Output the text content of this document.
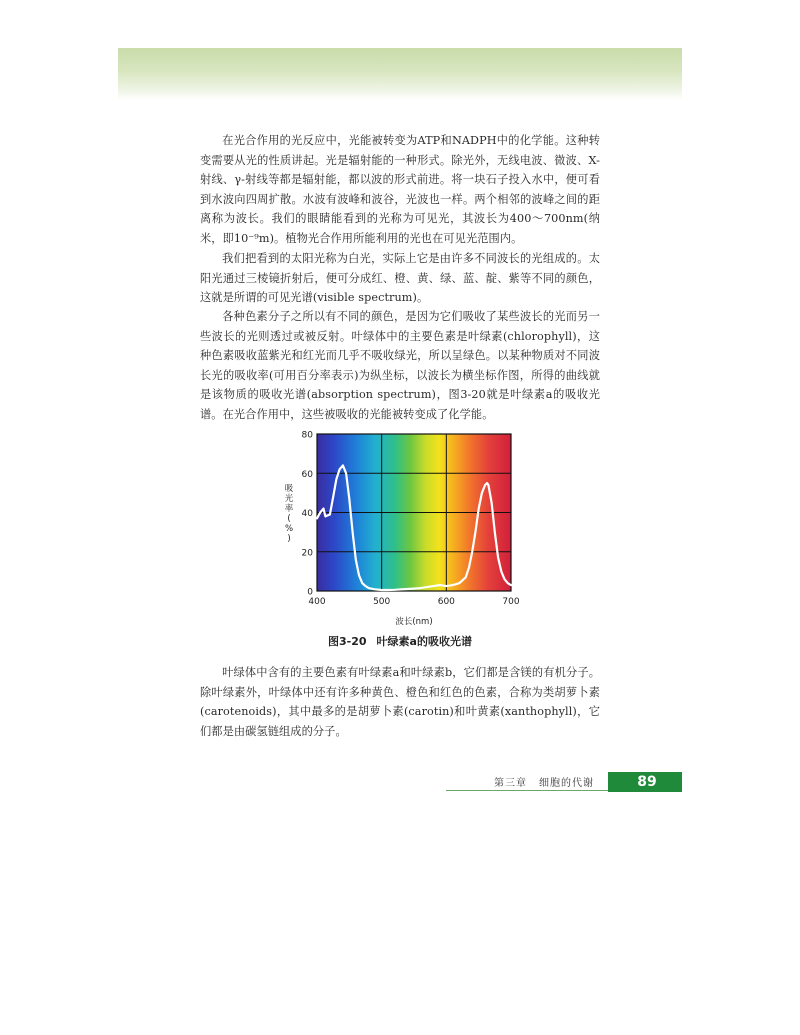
在光合作用的光反应中，光能被转变为ATP和NADPH中的化学能。这种转变需要从光的性质讲起。光是辐射能的一种形式。除光外，无线电波、微波、X-射线、γ-射线等都是辐射能，都以波的形式前进。将一块石子投入水中，便可看到水波向四周扩散。水波有波峰和波谷，光波也一样。两个相邻的波峰之间的距离称为波长。我们的眼睛能看到的光称为可见光，其波长为400～700nm(纳米，即10⁻⁹m)。植物光合作用所能利用的光也在可见光范围内。

我们把看到的太阳光称为白光，实际上它是由许多不同波长的光组成的。太阳光通过三棱镜折射后，便可分成红、橙、黄、绿、蓝、靛、紫等不同的颜色，这就是所谓的可见光谱(visible spectrum)。

各种色素分子之所以有不同的颜色，是因为它们吸收了某些波长的光而另一些波长的光则透过或被反射。叶绿体中的主要色素是叶绿素(chlorophyll)，这种色素吸收蓝紫光和红光而几乎不吸收绿光，所以呈绿色。以某种物质对不同波长光的吸收率(可用百分率表示)为纵坐标，以波长为横坐标作图，所得的曲线就是该物质的吸收光谱(absorption spectrum)，图3-20就是叶绿素a的吸收光谱。在光合作用中，这些被吸收的光能被转变成了化学能。

0
20
40
60
80
400	500	600	700
波长(nm)
吸光率( % )
图3-20 叶绿素a的吸收光谱

叶绿体中含有的主要色素有叶绿素a和叶绿素b，它们都是含镁的有机分子。除叶绿素外，叶绿体中还有许多种黄色、橙色和红色的色素，合称为类胡萝卜素(carotenoids)，其中最多的是胡萝卜素(carotin)和叶黄素(xanthophyll)，它们都是由碳氢链组成的分子。

第三章 细胞的代谢	89
